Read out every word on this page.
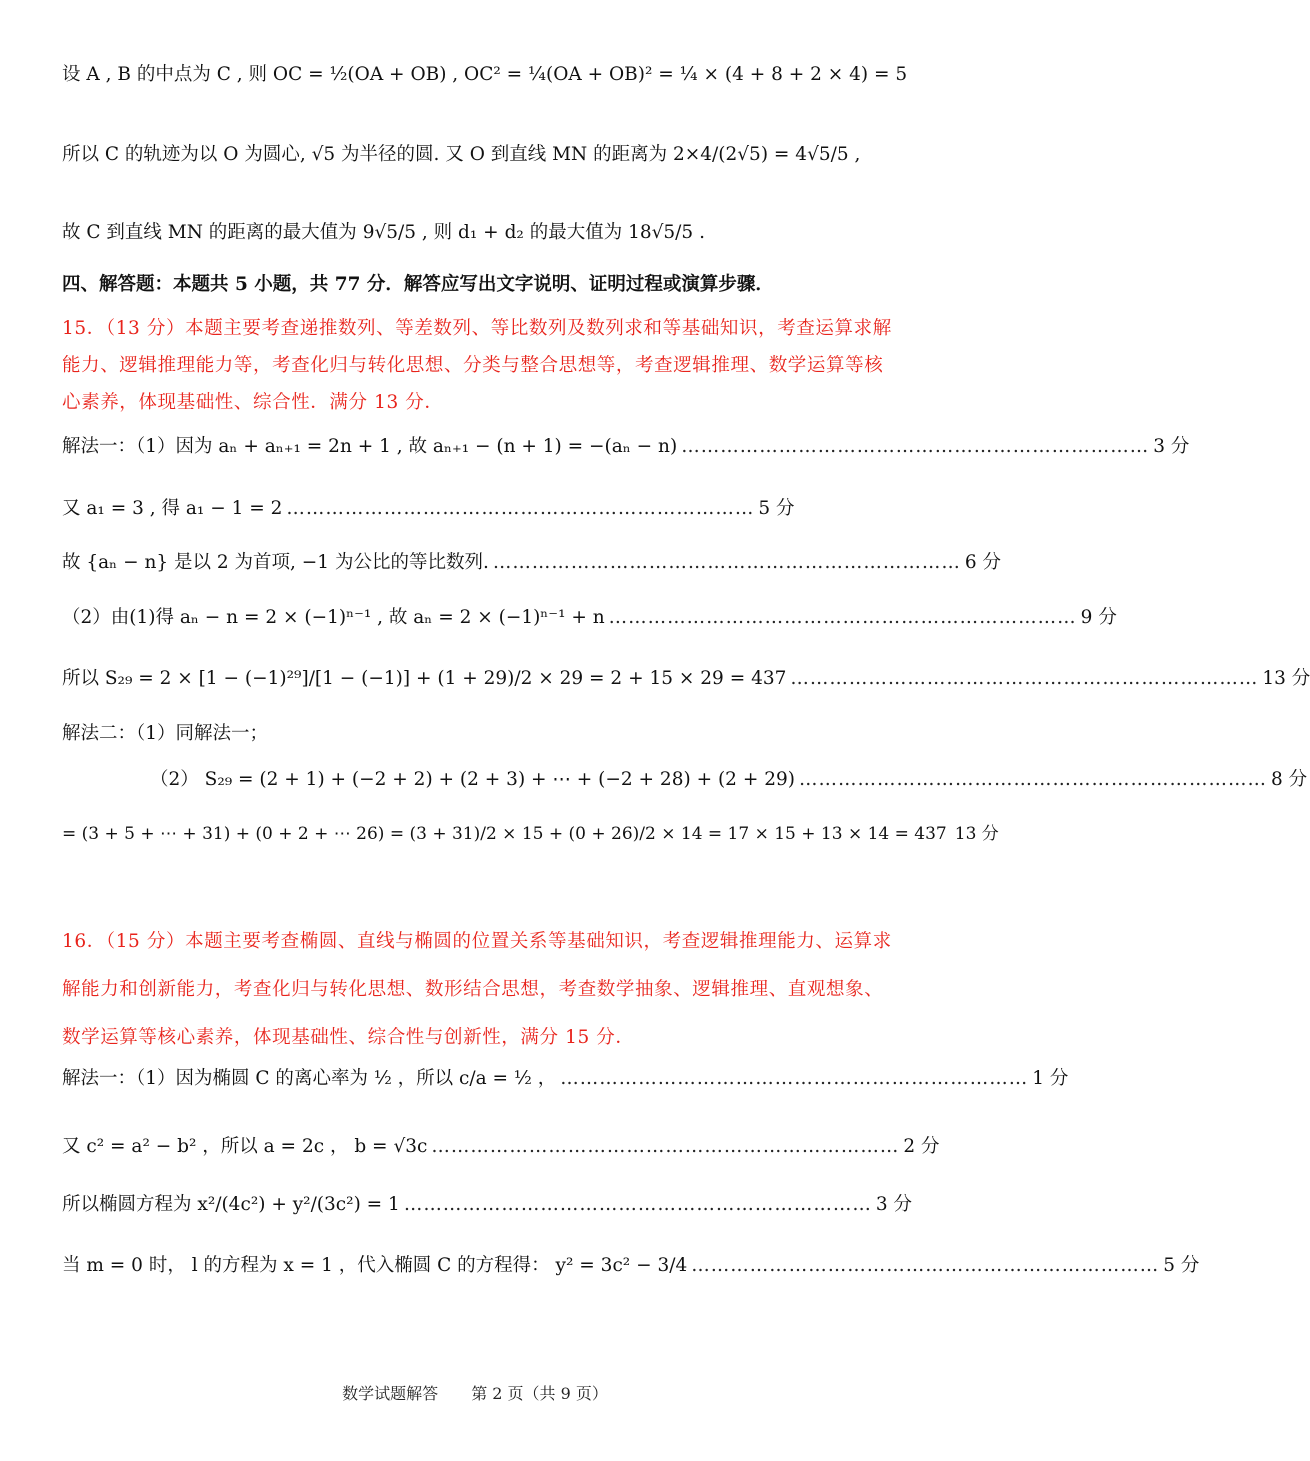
设 A , B 的中点为 C , 则 OC = ½(OA + OB) , OC² = ¼(OA + OB)² = ¼ × (4 + 8 + 2 × 4) = 5
所以 C 的轨迹为以 O 为圆心, √5 为半径的圆. 又 O 到直线 MN 的距离为 2×4/(2√5) = 4√5/5 ,
故 C 到直线 MN 的距离的最大值为 9√5/5 , 则 d₁ + d₂ 的最大值为 18√5/5 .
四、解答题：本题共 5 小题，共 77 分．解答应写出文字说明、证明过程或演算步骤．
15．（13 分）本题主要考查递推数列、等差数列、等比数列及数列求和等基础知识，考查运算求解能力、逻辑推理能力等，考查化归与转化思想、分类与整合思想等，考查逻辑推理、数学运算等核心素养，体现基础性、综合性．满分 13 分．
解法一：（1）因为 aₙ + aₙ₊₁ = 2n + 1 , 故 aₙ₊₁ − (n + 1) = −(aₙ − n) ……………………………………………………………… 3 分
又 a₁ = 3 , 得 a₁ − 1 = 2 ……………………………………………………………… 5 分
故 {aₙ − n} 是以 2 为首项, −1 为公比的等比数列. ……………………………………………………………… 6 分
（2）由(1)得 aₙ − n = 2 × (−1)ⁿ⁻¹ , 故 aₙ = 2 × (−1)ⁿ⁻¹ + n ……………………………………………………………… 9 分
所以 S₂₉ = 2 × [1 − (−1)²⁹]/[1 − (−1)] + (1 + 29)/2 × 29 = 2 + 15 × 29 = 437 ……………………………………………………………… 13 分
解法二：（1）同解法一；
（2） S₂₉ = (2 + 1) + (−2 + 2) + (2 + 3) + ⋯ + (−2 + 28) + (2 + 29) ……………………………………………………………… 8 分
= (3 + 5 + ⋯ + 31) + (0 + 2 + ⋯ 26) = (3 + 31)/2 × 15 + (0 + 26)/2 × 14 = 17 × 15 + 13 × 14 = 437 13 分
16．（15 分）本题主要考查椭圆、直线与椭圆的位置关系等基础知识，考查逻辑推理能力、运算求解能力和创新能力，考查化归与转化思想、数形结合思想，考查数学抽象、逻辑推理、直观想象、数学运算等核心素养，体现基础性、综合性与创新性，满分 15 分．
解法一：（1）因为椭圆 C 的离心率为 ½ ，所以 c/a = ½ ， ……………………………………………………………… 1 分
又 c² = a² − b² ，所以 a = 2c ， b = √3c ……………………………………………………………… 2 分
所以椭圆方程为 x²/(4c²) + y²/(3c²) = 1 ……………………………………………………………… 3 分
当 m = 0 时， l 的方程为 x = 1 ，代入椭圆 C 的方程得： y² = 3c² − 3/4 ……………………………………………………………… 5 分
数学试题解答 第 2 页（共 9 页）
